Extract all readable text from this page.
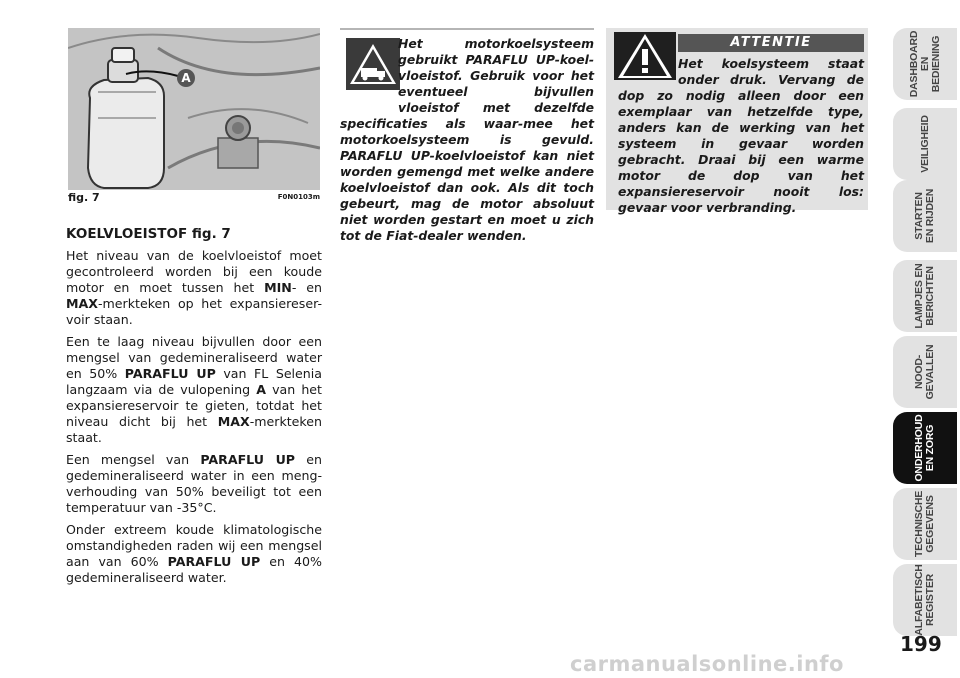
A
fig. 7	F0N0103m
KOELVLOEISTOF fig. 7

Het niveau van de koelvloeistof moet gecontroleerd worden bij een koude motor en moet tussen het MIN- en MAX-merkteken op het expansiereser-voir staan.

Een te laag niveau bijvullen door een mengsel van gedemineraliseerd water en 50% PARAFLU UP van FL Selenia langzaam via de vulopening A van het expansiereservoir te gieten, totdat het niveau dicht bij het MAX-merkteken staat.

Een mengsel van PARAFLU UP en gedemineraliseerd water in een meng-verhouding van 50% beveiligt tot een temperatuur van -35°C.

Onder extreem koude klimatologische omstandigheden raden wij een mengsel aan van 60% PARAFLU UP en 40% gedemineraliseerd water.

Het motorkoelsysteem gebruikt PARAFLU UP-koel-vloeistof. Gebruik voor het eventueel bijvullen vloeistof met dezelfde specificaties als waar-mee het motorkoelsysteem is gevuld. PARAFLU UP-koelvloeistof kan niet worden gemengd met welke andere koelvloeistof dan ook. Als dit toch gebeurt, mag de motor absoluut niet worden gestart en moet u zich tot de Fiat-dealer wenden.
ATTENTIE
Het koelsysteem staat onder druk. Vervang de dop zo nodig alleen door een exemplaar van hetzelfde type, anders kan de werking van het systeem in gevaar worden gebracht. Draai bij een warme motor de dop van het expansiereservoir nooit los: gevaar voor verbranding.
DASHBOARD EN BEDIENING
VEILIGHEID
STARTEN EN RIJDEN
LAMPJES EN BERICHTEN
NOOD- GEVALLEN
ONDERHOUD EN ZORG
TECHNISCHE GEGEVENS
ALFABETISCH REGISTER
199
carmanualsonline.info
